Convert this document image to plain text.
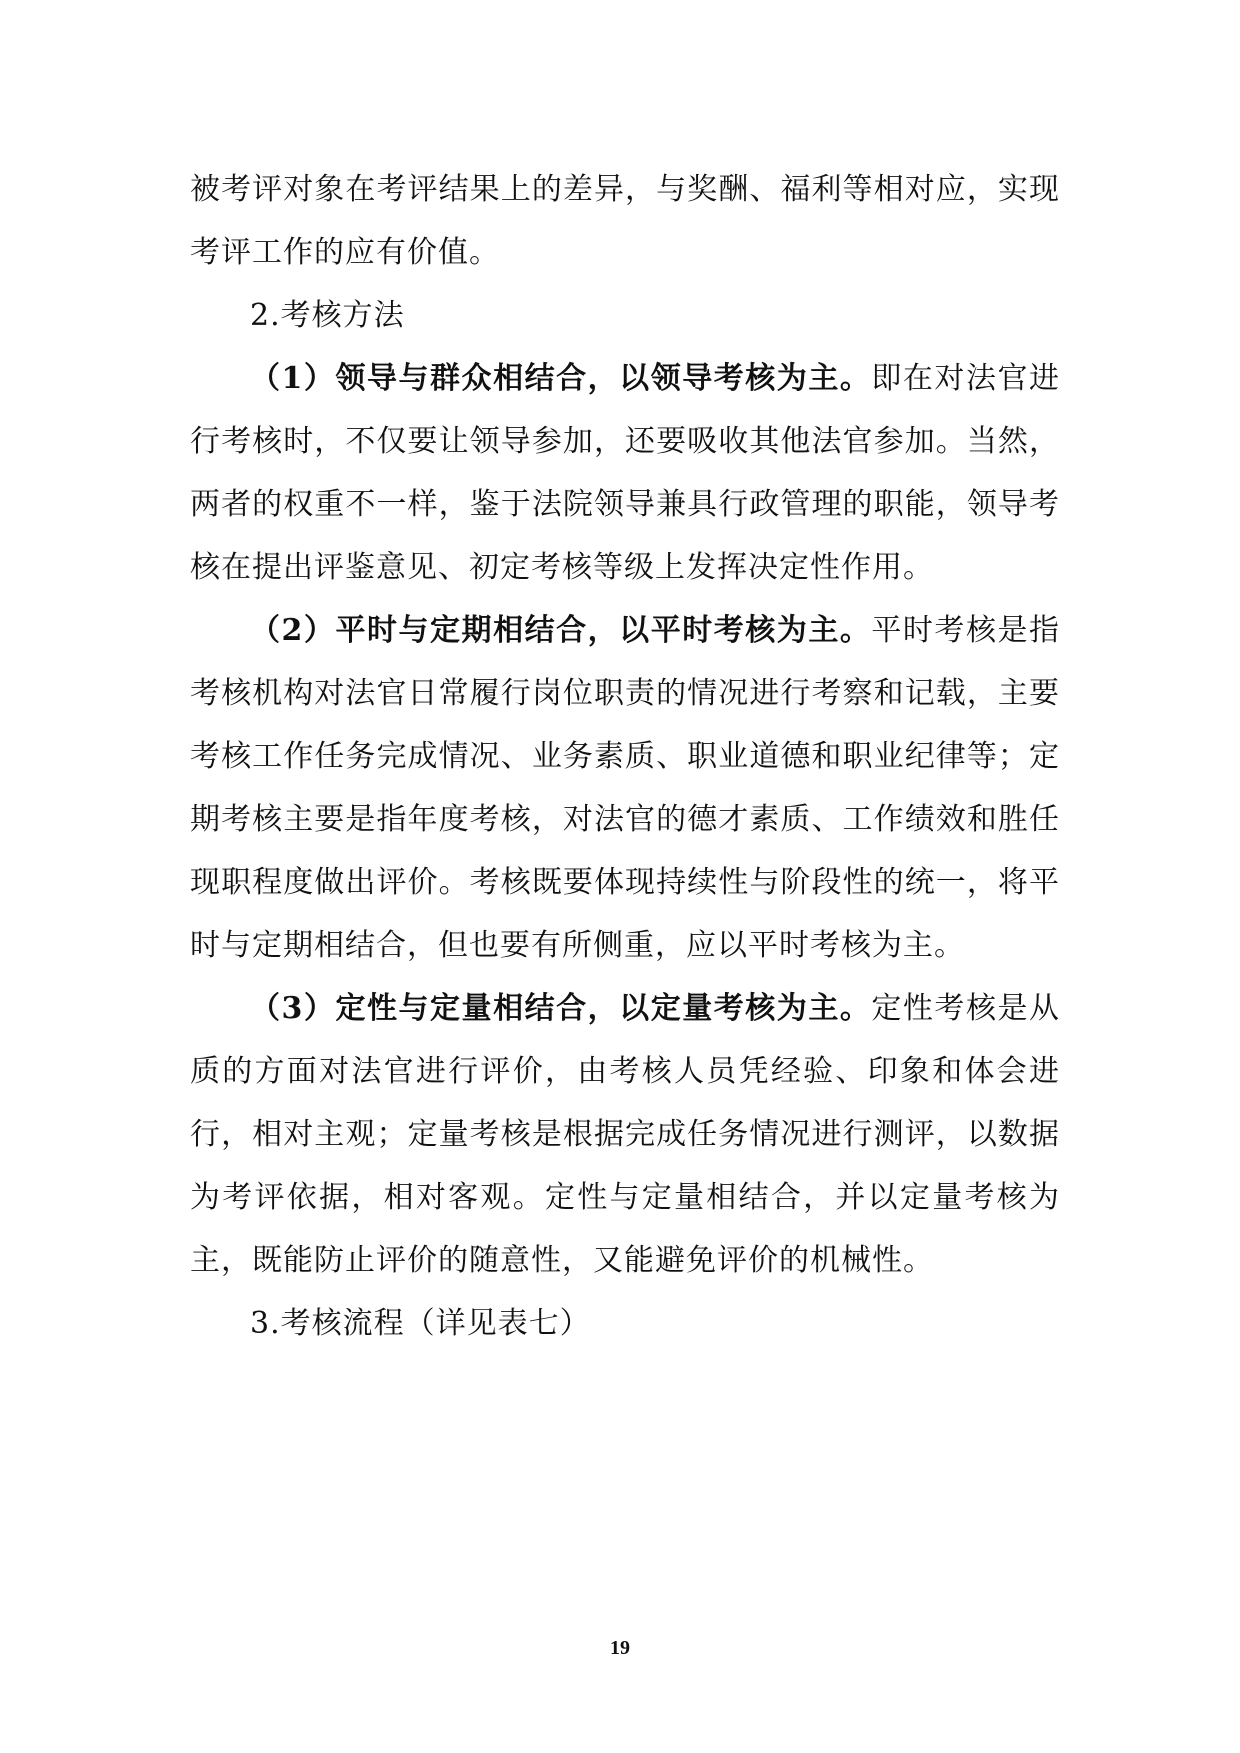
被考评对象在考评结果上的差异，与奖酬、福利等相对应，实现考评工作的应有价值。

2.考核方法

（1）领导与群众相结合，以领导考核为主。即在对法官进行考核时，不仅要让领导参加，还要吸收其他法官参加。当然，两者的权重不一样，鉴于法院领导兼具行政管理的职能，领导考核在提出评鉴意见、初定考核等级上发挥决定性作用。

（2）平时与定期相结合，以平时考核为主。平时考核是指考核机构对法官日常履行岗位职责的情况进行考察和记载，主要考核工作任务完成情况、业务素质、职业道德和职业纪律等；定期考核主要是指年度考核，对法官的德才素质、工作绩效和胜任现职程度做出评价。考核既要体现持续性与阶段性的统一，将平时与定期相结合，但也要有所侧重，应以平时考核为主。

（3）定性与定量相结合，以定量考核为主。定性考核是从质的方面对法官进行评价，由考核人员凭经验、印象和体会进行，相对主观；定量考核是根据完成任务情况进行测评，以数据为考评依据，相对客观。定性与定量相结合，并以定量考核为主，既能防止评价的随意性，又能避免评价的机械性。

3.考核流程（详见表七）

19
